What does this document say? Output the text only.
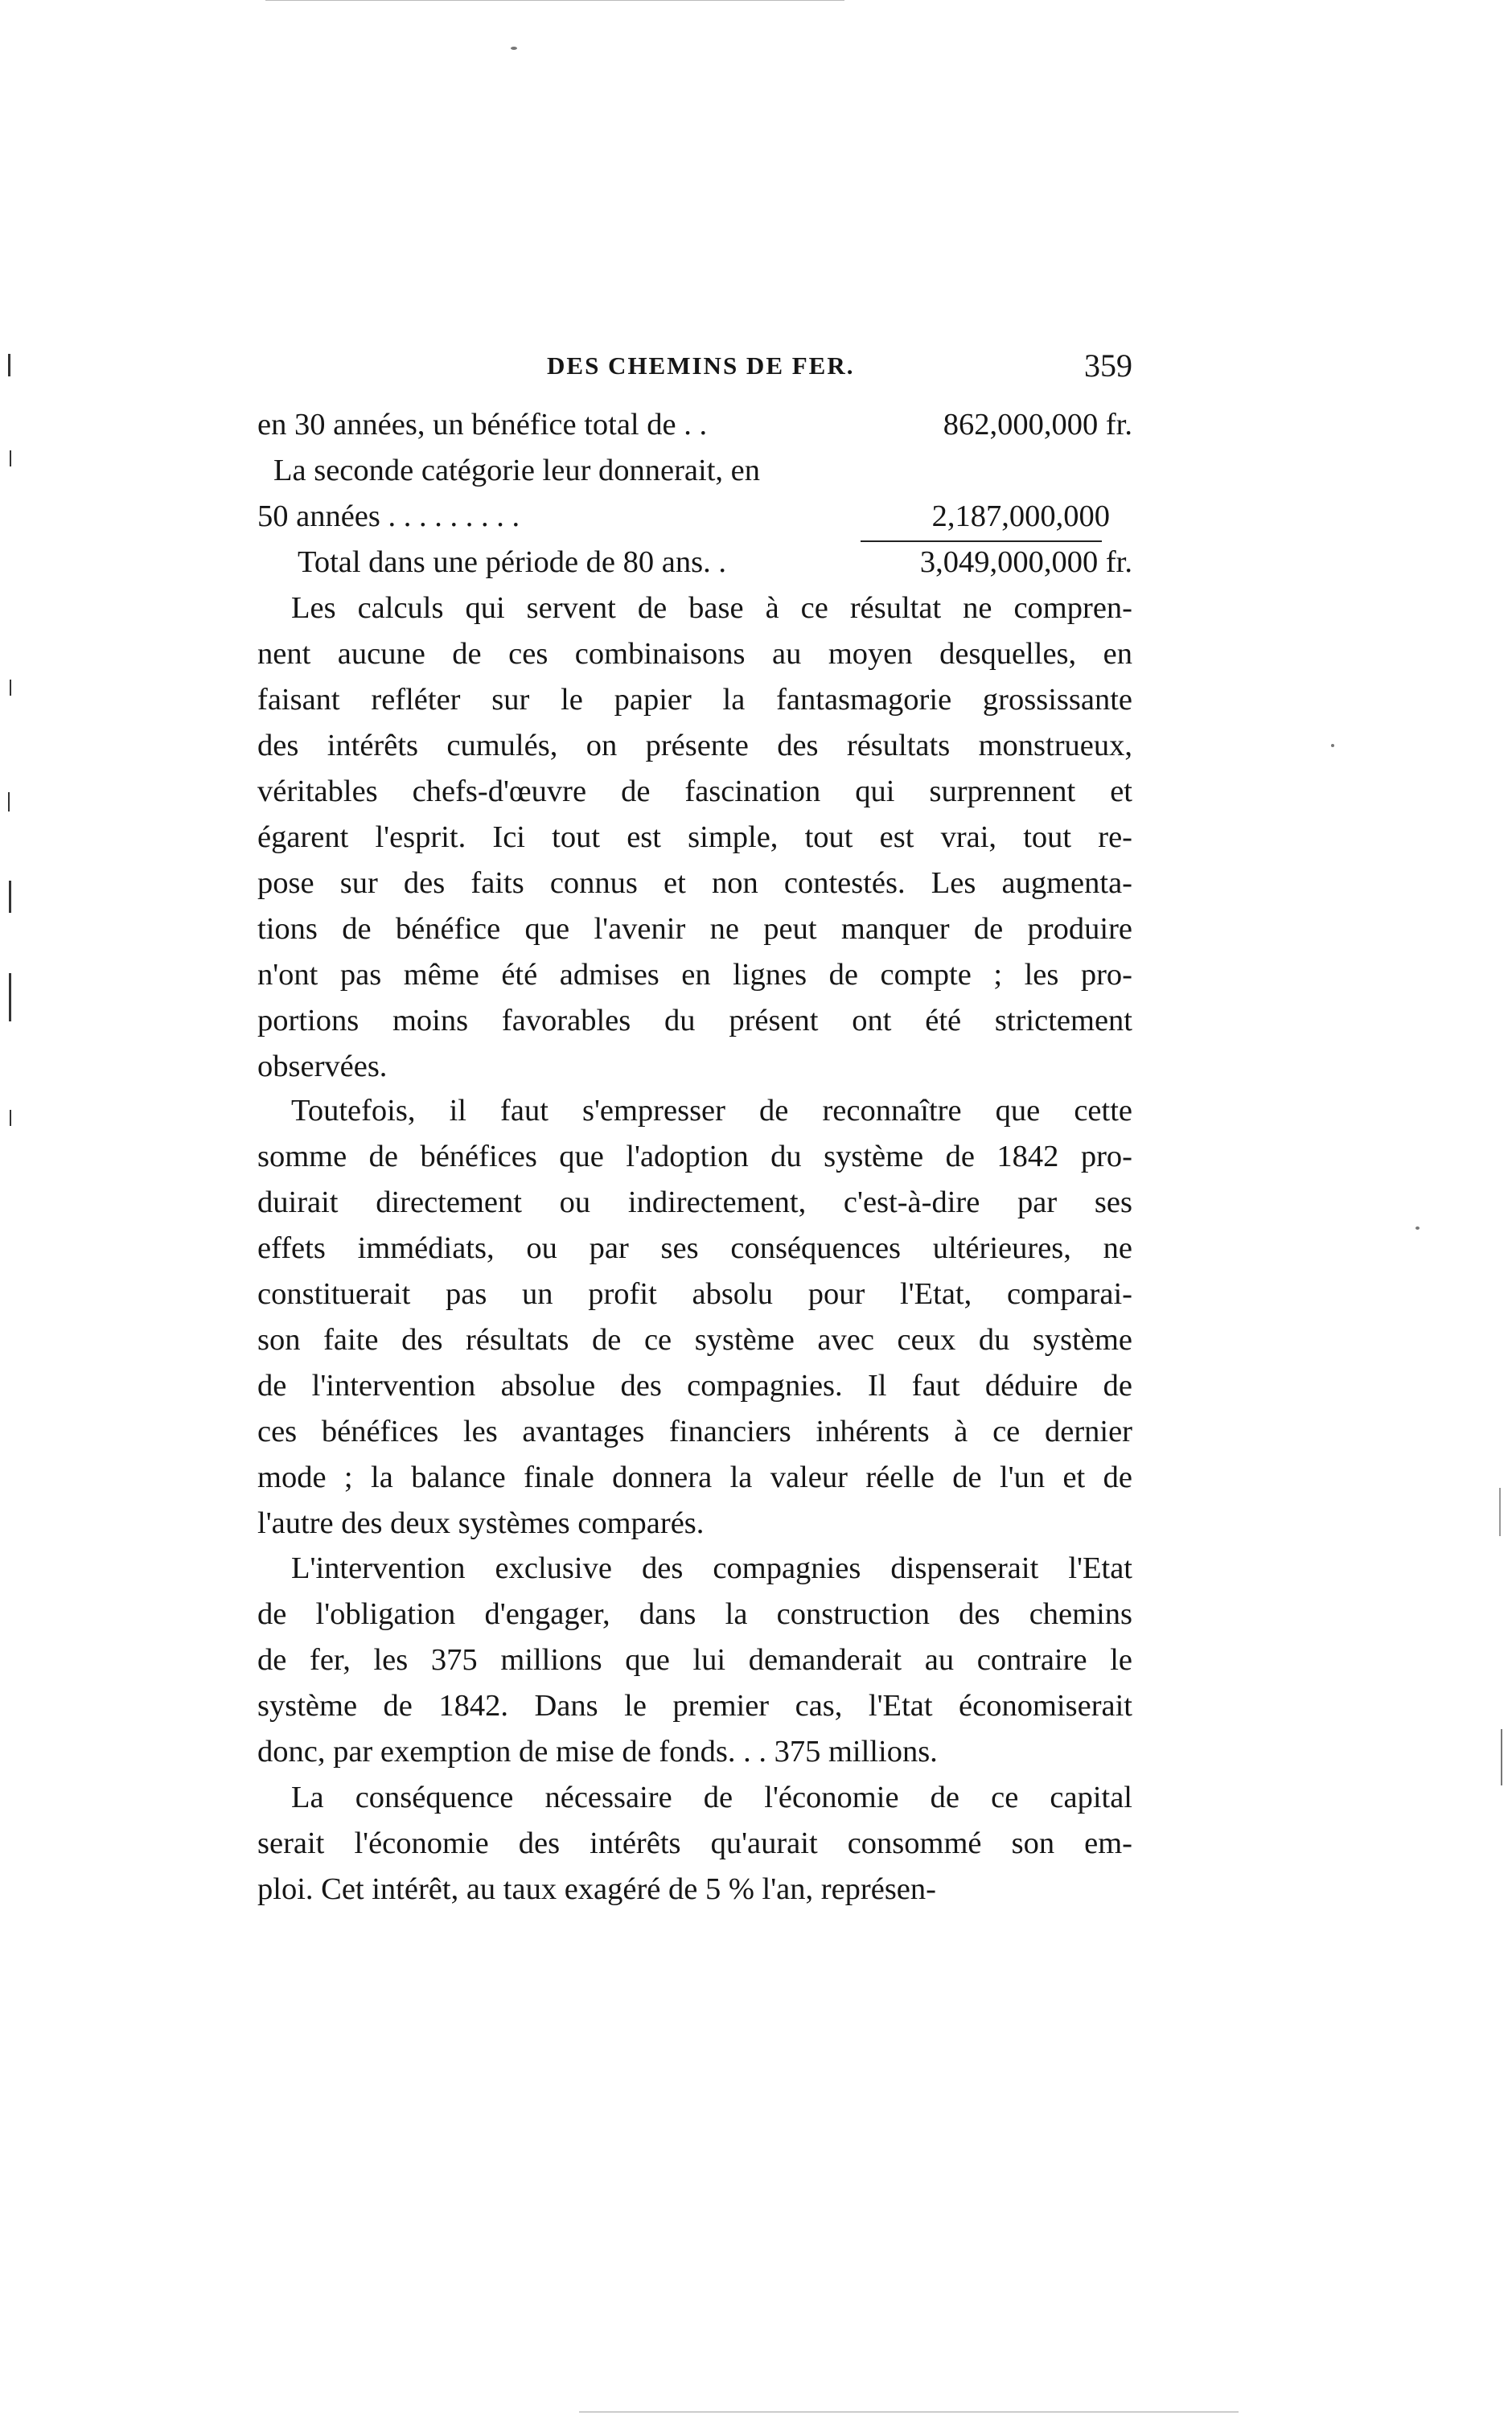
DES CHEMINS DE FER.	359
en 30 années, un bénéfice total de . .	862,000,000 fr.
La seconde catégorie leur donnerait, en
50 années . . . . . . . . .	2,187,000,000
Total dans une période de 80 ans. .	3,049,000,000 fr.
Les calculs qui servent de base à ce résultat ne compren-
nent aucune de ces combinaisons au moyen desquelles, en
faisant refléter sur le papier la fantasmagorie grossissante
des intérêts cumulés, on présente des résultats monstrueux,
véritables chefs-d'œuvre de fascination qui surprennent et
égarent l'esprit. Ici tout est simple, tout est vrai, tout re-
pose sur des faits connus et non contestés. Les augmenta-
tions de bénéfice que l'avenir ne peut manquer de produire
n'ont pas même été admises en lignes de compte ; les pro-
portions moins favorables du présent ont été strictement
observées.
Toutefois, il faut s'empresser de reconnaître que cette
somme de bénéfices que l'adoption du système de 1842 pro-
duirait directement ou indirectement, c'est-à-dire par ses
effets immédiats, ou par ses conséquences ultérieures, ne
constituerait pas un profit absolu pour l'Etat, comparai-
son faite des résultats de ce système avec ceux du système
de l'intervention absolue des compagnies. Il faut déduire de
ces bénéfices les avantages financiers inhérents à ce dernier
mode ; la balance finale donnera la valeur réelle de l'un et de
l'autre des deux systèmes comparés.
L'intervention exclusive des compagnies dispenserait l'Etat
de l'obligation d'engager, dans la construction des chemins
de fer, les 375 millions que lui demanderait au contraire le
système de 1842. Dans le premier cas, l'Etat économiserait
donc, par exemption de mise de fonds. . . 375 millions.
La conséquence nécessaire de l'économie de ce capital
serait l'économie des intérêts qu'aurait consommé son em-
ploi. Cet intérêt, au taux exagéré de 5 % l'an, représen-
